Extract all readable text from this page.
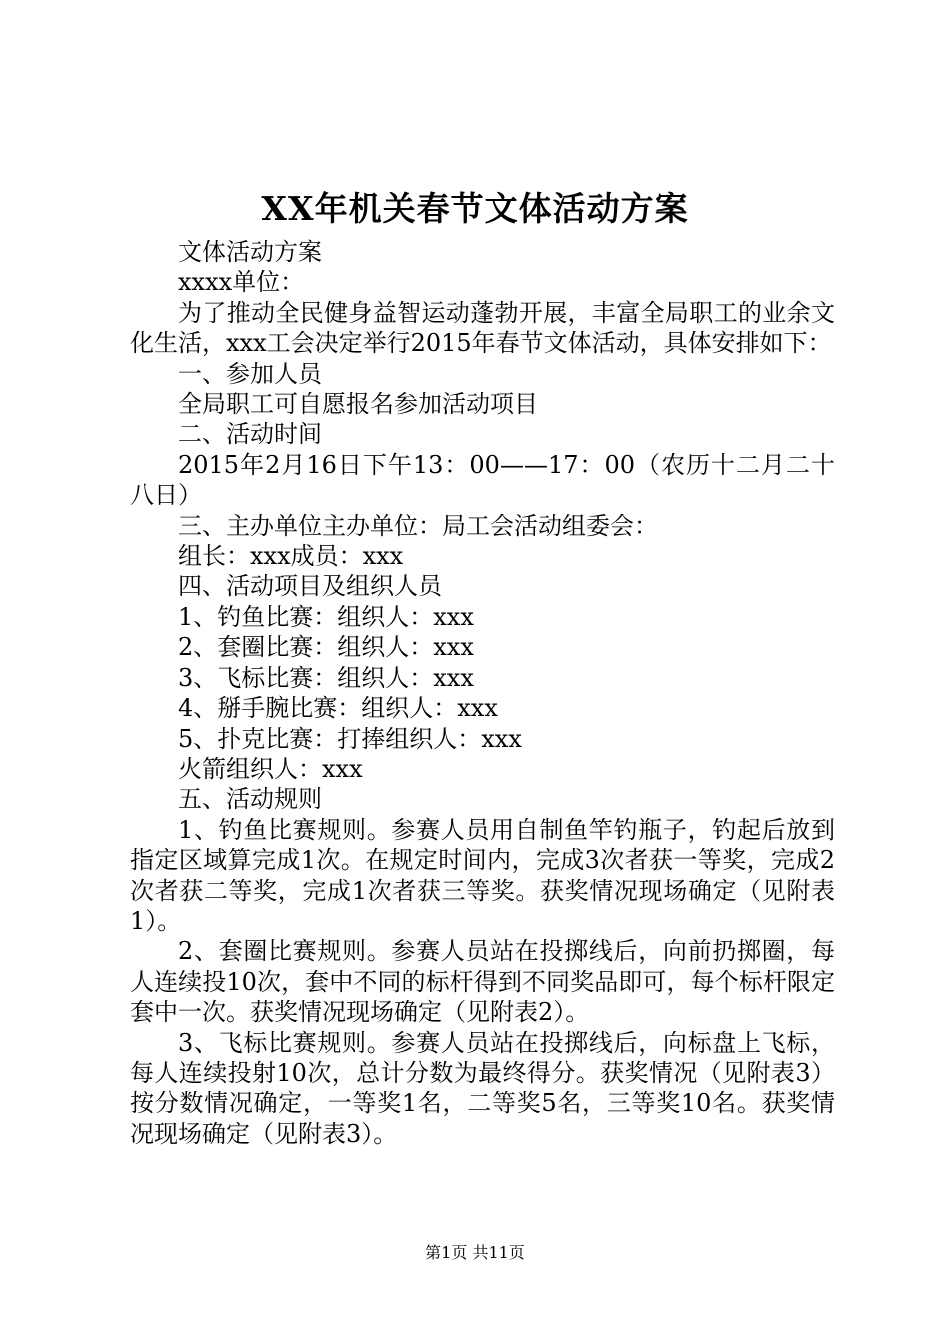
XX年机关春节文体活动方案

文体活动方案

xxxx单位：

为了推动全民健身益智运动蓬勃开展，丰富全局职工的业余文化生活，xxx工会决定举行2015年春节文体活动，具体安排如下：

一、参加人员

全局职工可自愿报名参加活动项目

二、活动时间

2015年2月16日下午13：00——17：00（农历十二月二十八日）

三、主办单位主办单位：局工会活动组委会：

组长：xxx成员：xxx

四、活动项目及组织人员

1、钓鱼比赛：组织人：xxx

2、套圈比赛：组织人：xxx

3、飞标比赛：组织人：xxx

4、掰手腕比赛：组织人：xxx

5、扑克比赛：打捧组织人：xxx

火箭组织人：xxx

五、活动规则

1、钓鱼比赛规则。参赛人员用自制鱼竿钓瓶子，钓起后放到指定区域算完成1次。在规定时间内，完成3次者获一等奖，完成2次者获二等奖，完成1次者获三等奖。获奖情况现场确定（见附表1）。

2、套圈比赛规则。参赛人员站在投掷线后，向前扔掷圈，每人连续投10次，套中不同的标杆得到不同奖品即可，每个标杆限定套中一次。获奖情况现场确定（见附表2）。

3、飞标比赛规则。参赛人员站在投掷线后，向标盘上飞标，每人连续投射10次，总计分数为最终得分。获奖情况（见附表3）按分数情况确定，一等奖1名，二等奖5名，三等奖10名。获奖情况现场确定（见附表3）。

第1页 共11页
